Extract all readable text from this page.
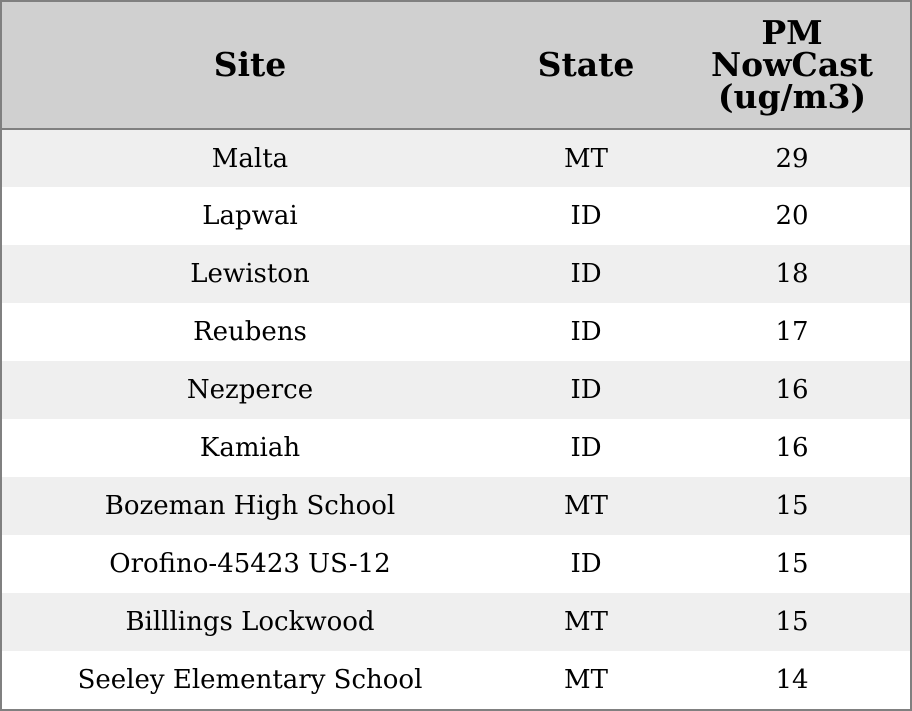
Site	State	PM
NowCast
(ug/m3)

Malta	MT	29
Lapwai	ID	20
Lewiston	ID	18
Reubens	ID	17
Nezperce	ID	16
Kamiah	ID	16
Bozeman High School	MT	15
Orofino-45423 US-12	ID	15
Billlings Lockwood	MT	15
Seeley Elementary School	MT	14
